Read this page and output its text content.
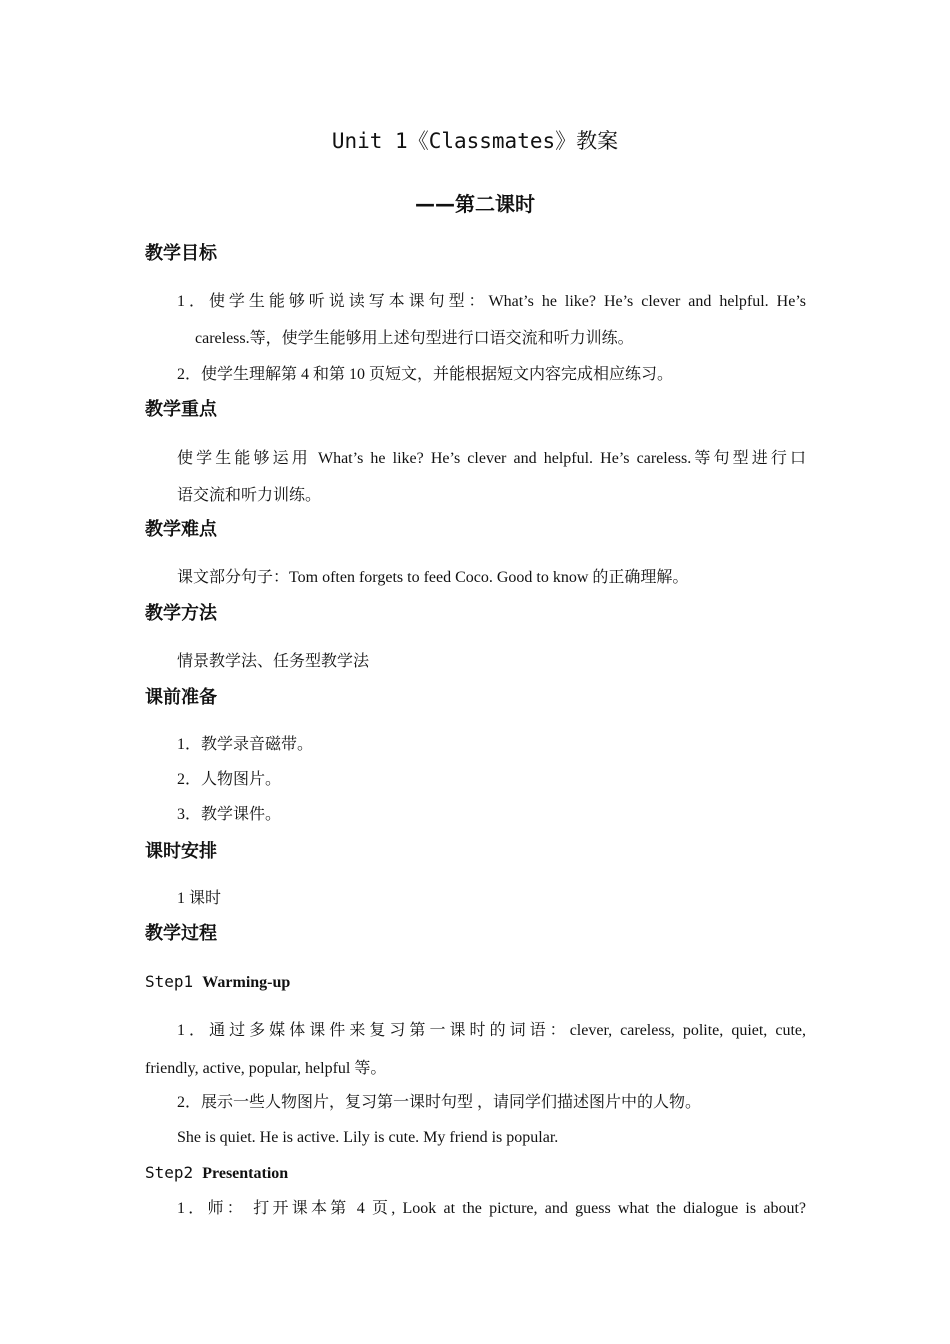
Unit 1《Classmates》教案
——第二课时
教学目标
1．使学生能够听说读写本课句型：What’s he like? He’s clever and helpful. He’s
careless.等，使学生能够用上述句型进行口语交流和听力训练。
2．使学生理解第 4 和第 10 页短文，并能根据短文内容完成相应练习。
教学重点
使学生能够运用 What’s he like? He’s clever and helpful. He’s careless.等句型进行口
语交流和听力训练。
教学难点
课文部分句子：Tom often forgets to feed Coco. Good to know 的正确理解。
教学方法
情景教学法、任务型教学法
课前准备
1．教学录音磁带。
2．人物图片。
3．教学课件。
课时安排
1 课时
教学过程
Step1 Warming-up
1．通过多媒体课件来复习第一课时的词语：clever, careless, polite, quiet, cute,
friendly, active, popular, helpful 等。
2．展示一些人物图片，复习第一课时句型 ，请同学们描述图片中的人物。
She is quiet. He is active. Lily is cute. My friend is popular.
Step2 Presentation
1．师： 打开课本第 4 页, Look at the picture, and guess what the dialogue is about?
